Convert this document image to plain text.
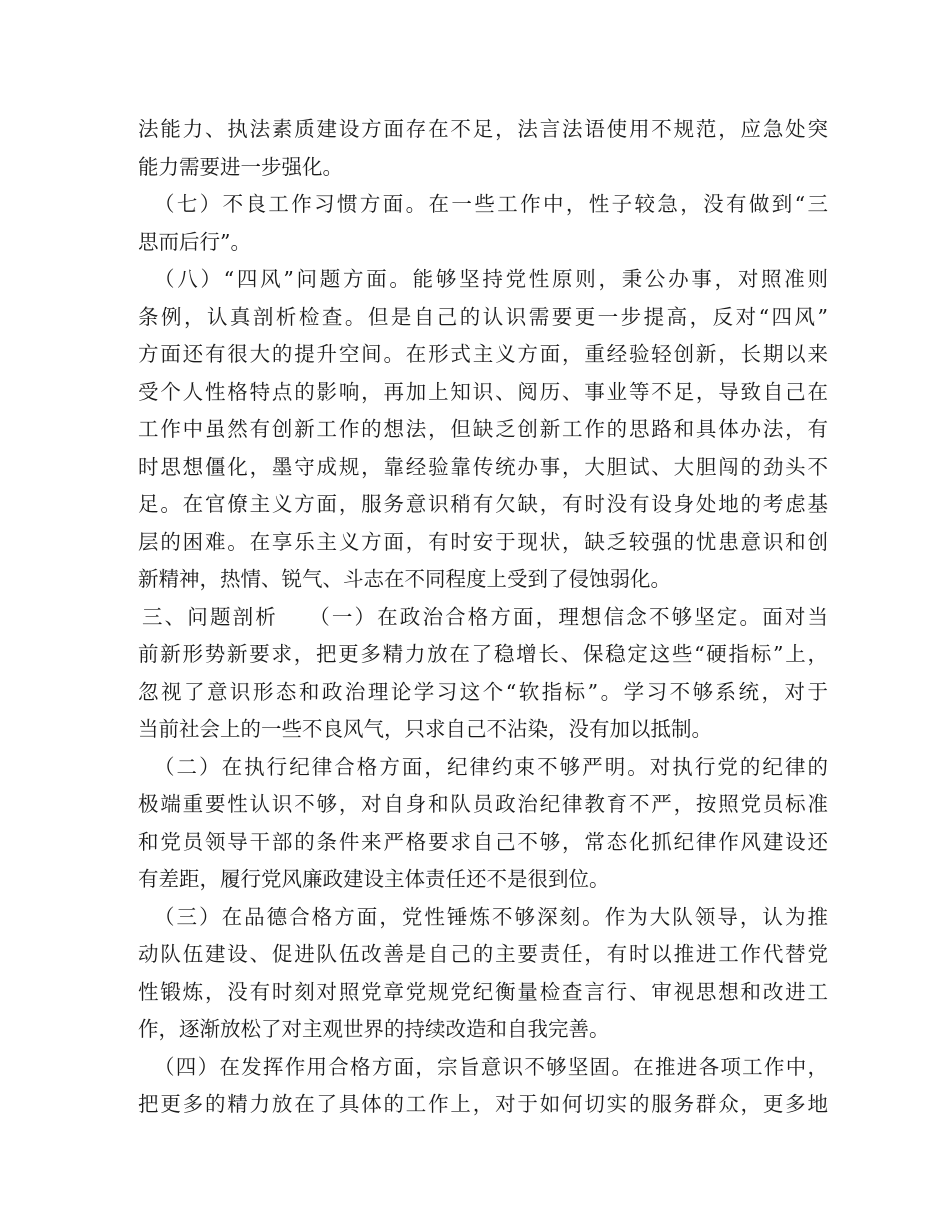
法能力、执法素质建设方面存在不足，法言法语使用不规范，应急处突
能力需要进一步强化。
（七）不良工作习惯方面。在一些工作中，性子较急，没有做到“三
思而后行”。
（八）“四风”问题方面。能够坚持党性原则，秉公办事，对照准则
条例，认真剖析检查。但是自己的认识需要更一步提高，反对“四风”
方面还有很大的提升空间。在形式主义方面，重经验轻创新，长期以来
受个人性格特点的影响，再加上知识、阅历、事业等不足，导致自己在
工作中虽然有创新工作的想法，但缺乏创新工作的思路和具体办法，有
时思想僵化，墨守成规，靠经验靠传统办事，大胆试、大胆闯的劲头不
足。在官僚主义方面，服务意识稍有欠缺，有时没有设身处地的考虑基
层的困难。在享乐主义方面，有时安于现状，缺乏较强的忧患意识和创
新精神，热情、锐气、斗志在不同程度上受到了侵蚀弱化。
三、问题剖析　 （一）在政治合格方面，理想信念不够坚定。面对当
前新形势新要求，把更多精力放在了稳增长、保稳定这些“硬指标”上，
忽视了意识形态和政治理论学习这个“软指标”。学习不够系统，对于
当前社会上的一些不良风气，只求自己不沾染，没有加以抵制。
（二）在执行纪律合格方面，纪律约束不够严明。对执行党的纪律的
极端重要性认识不够，对自身和队员政治纪律教育不严，按照党员标准
和党员领导干部的条件来严格要求自己不够，常态化抓纪律作风建设还
有差距，履行党风廉政建设主体责任还不是很到位。
（三）在品德合格方面，党性锤炼不够深刻。作为大队领导，认为推
动队伍建设、促进队伍改善是自己的主要责任，有时以推进工作代替党
性锻炼，没有时刻对照党章党规党纪衡量检查言行、审视思想和改进工
作，逐渐放松了对主观世界的持续改造和自我完善。
（四）在发挥作用合格方面，宗旨意识不够坚固。在推进各项工作中，
把更多的精力放在了具体的工作上，对于如何切实的服务群众，更多地
